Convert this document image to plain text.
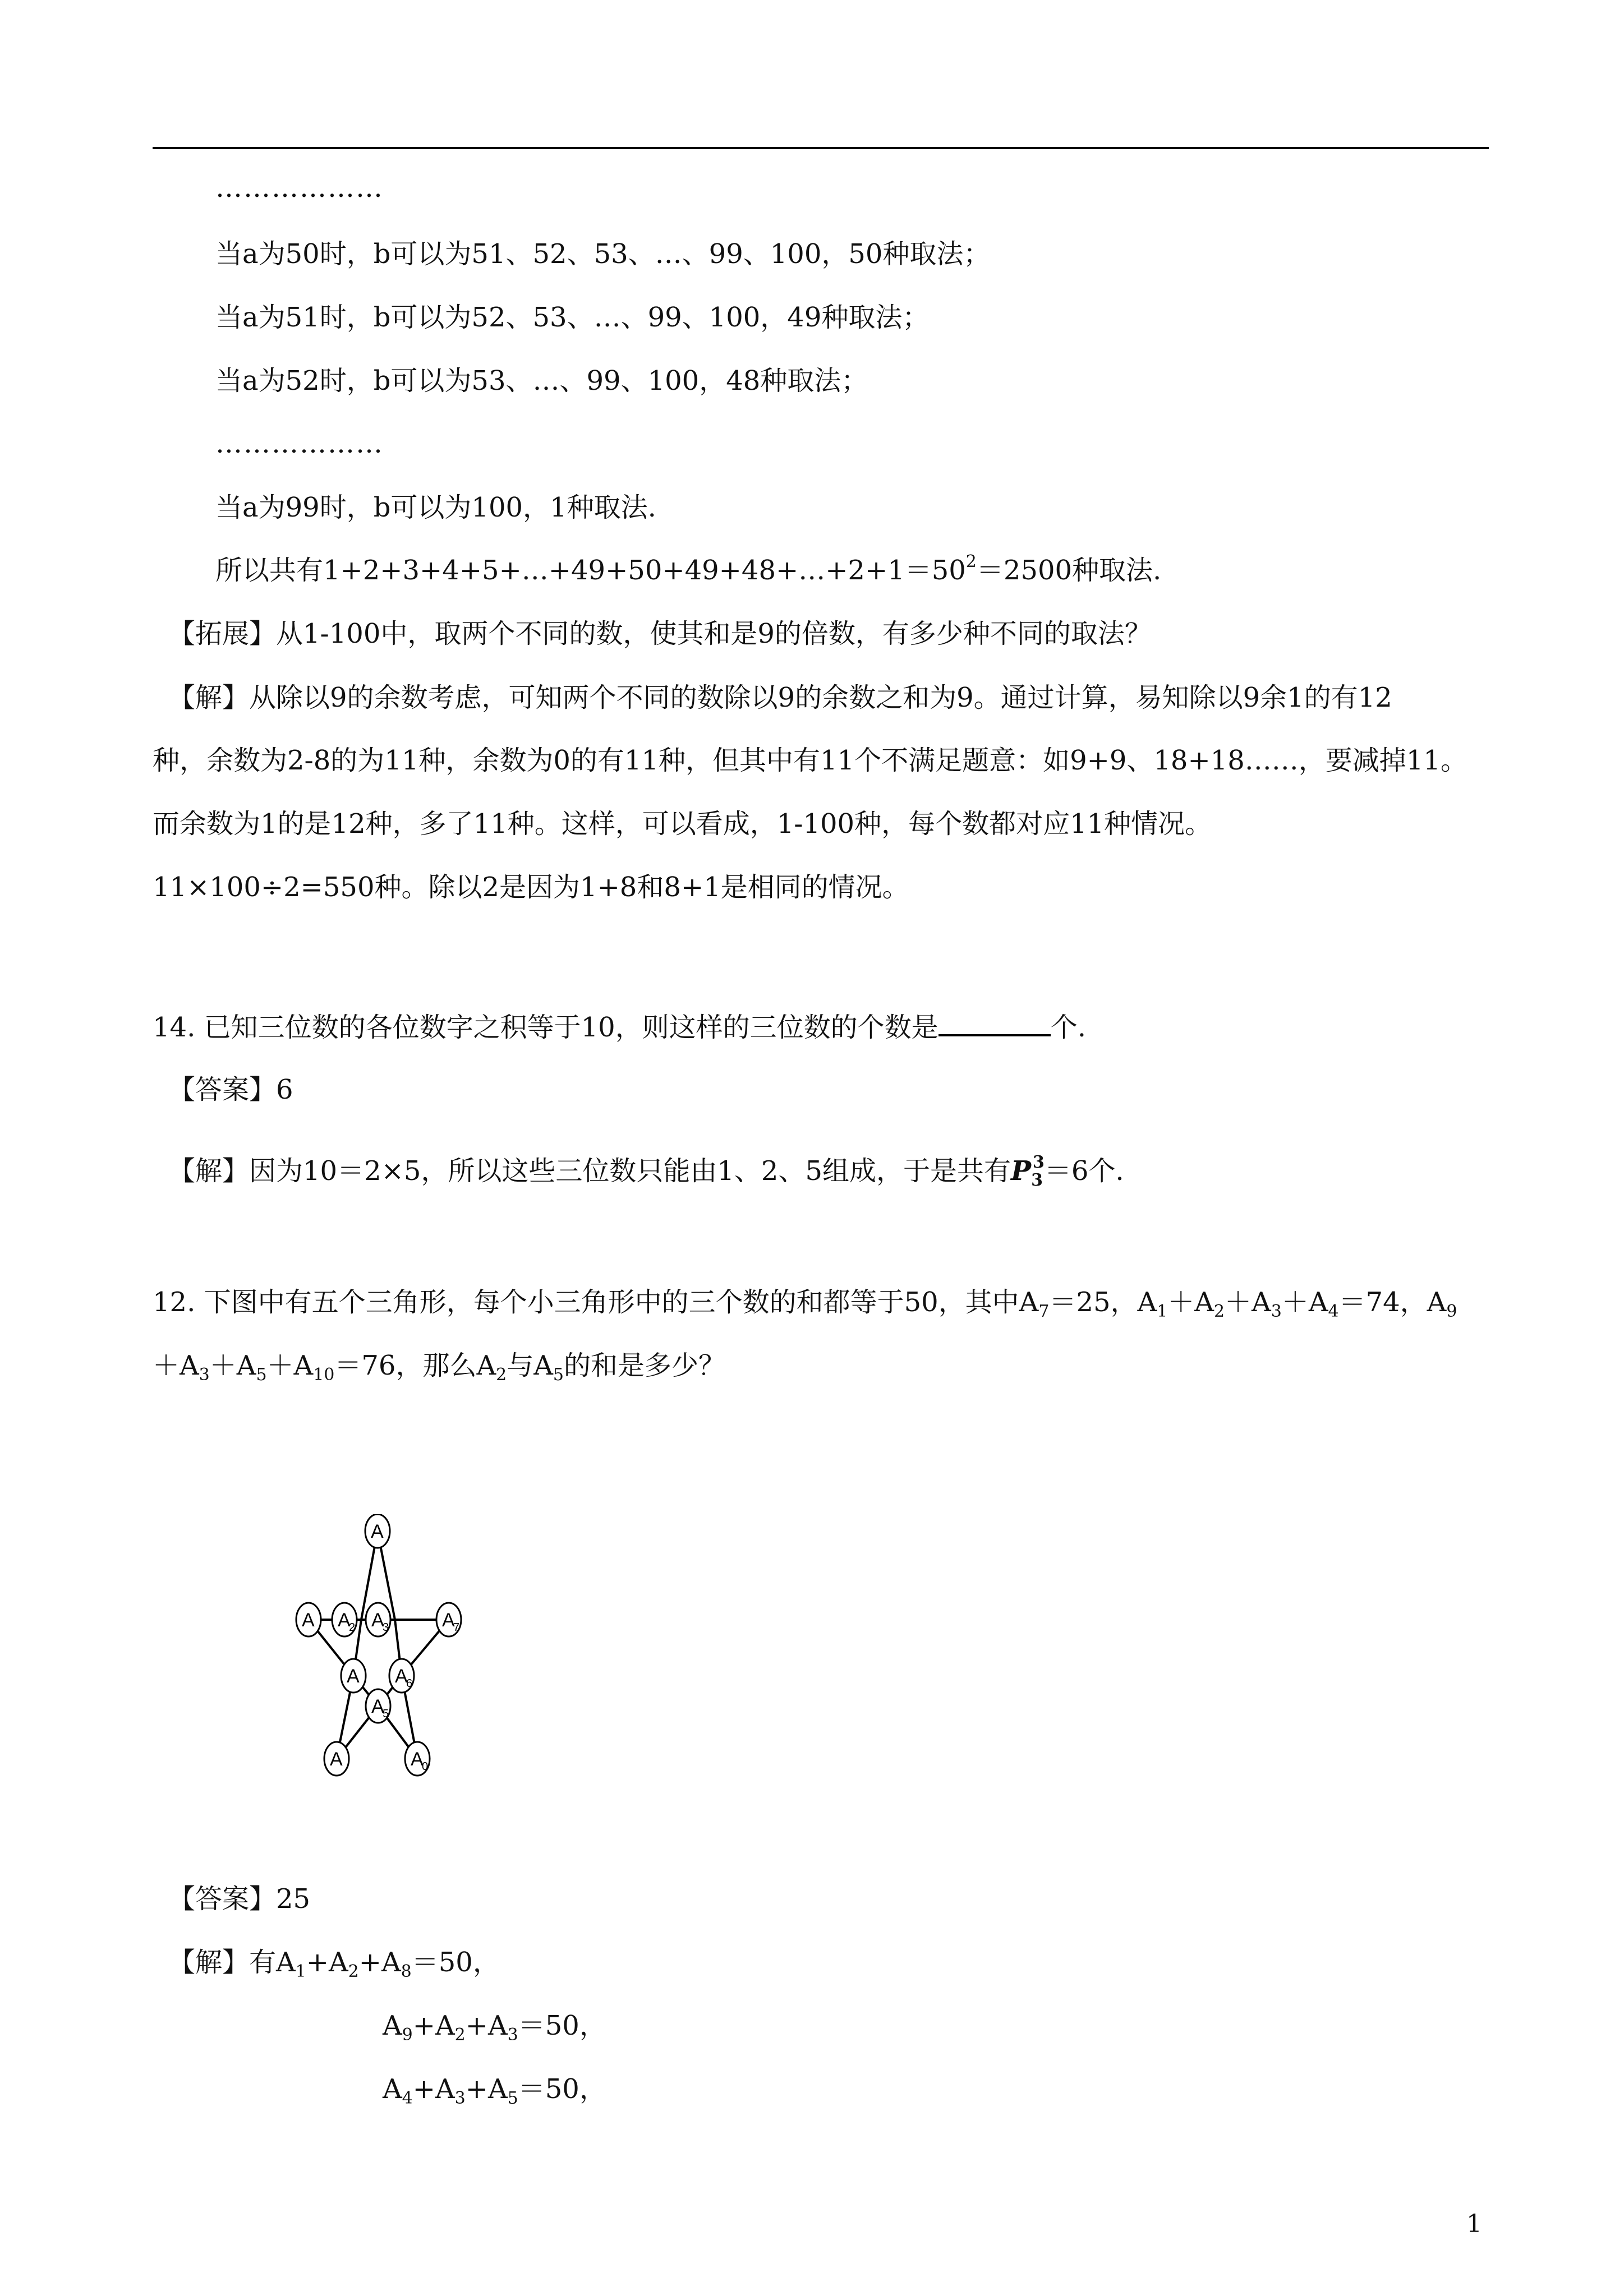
………………
当a为50时，b可以为51、52、53、…、99、100，50种取法；
当a为51时，b可以为52、53、…、99、100，49种取法；
当a为52时，b可以为53、…、99、100，48种取法；
………………
当a为99时，b可以为100，1种取法.
所以共有$1+2+3+4+5+\dots+49+50+49+48+\dots+2+1=50^2=2500$种取法.
【拓展】从1-100中，取两个不同的数，使其和是9的倍数，有多少种不同的取法？
【解】从除以9的余数考虑，可知两个不同的数除以9的余数之和为9。通过计算，易知除以9余1的有12
种，余数为2-8的为11种，余数为0的有11种，但其中有11个不满足题意：如9+9、18+18……，要减掉11。
而余数为1的是12种，多了11种。这样，可以看成，1-100种，每个数都对应11种情况。
11×100÷2=550种。除以2是因为1+8和8+1是相同的情况。
14. 已知三位数的各位数字之积等于10，则这样的三位数的个数是	个.
【答案】6
【解】因为10＝2×5，所以这些三位数只能由1、2、5组成，于是共有$P_3^3=6$个.
12. 下图中有五个三角形，每个小三角形中的三个数的和都等于50，其中$A_7=25$，$A_1+A_2+A_3+A_4=74$，$A_9$
$+A_3+A_5+A_{10}=76$，那么$A_2$与$A_5$的和是多少？
A
A A
2 A
3	A
7
A A
6
A
5
A	A
0
【答案】25
【解】有$A_1+A_2+A_8=50$，
$A_9+A_2+A_3=50$，
$A_4+A_3+A_5=50$，
1
